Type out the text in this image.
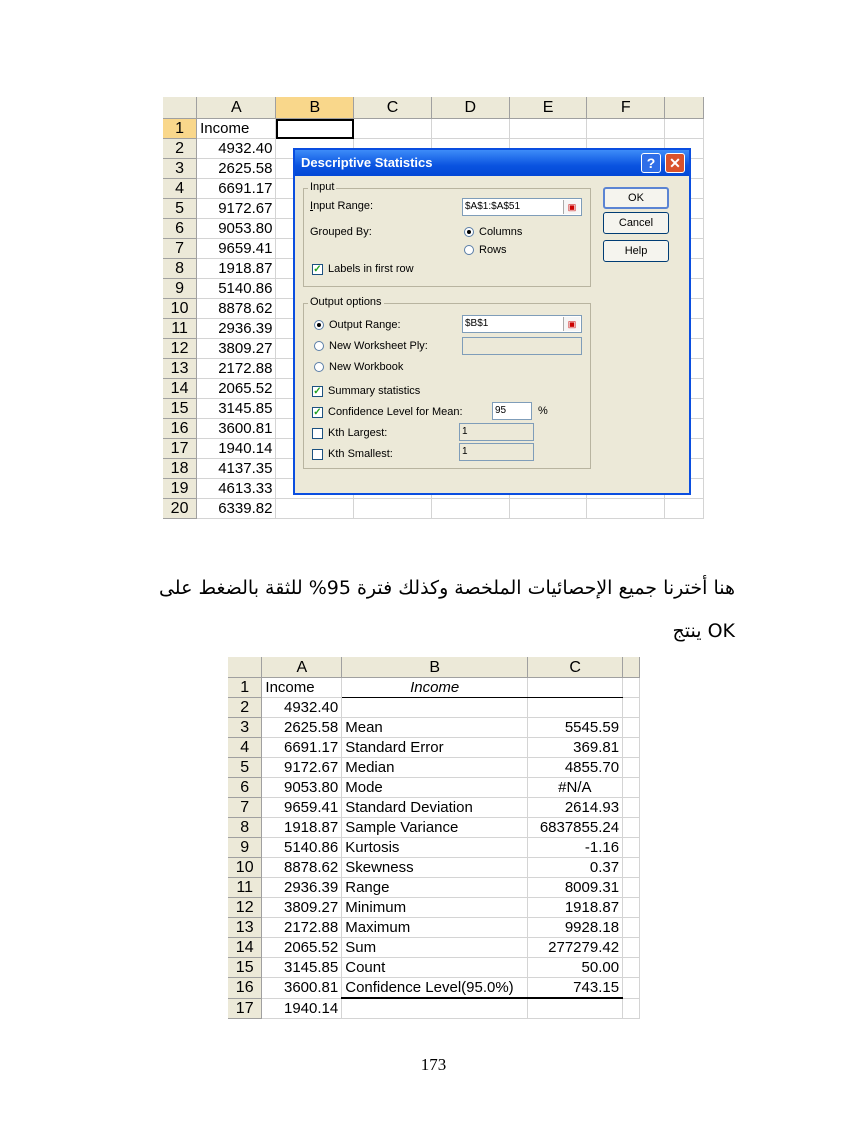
	A	B	C	D	E	F	
1	Income						
2	4932.40						
3	2625.58						
4	6691.17						
5	9172.67						
6	9053.80						
7	9659.41						
8	1918.87						
9	5140.86						
10	8878.62						
11	2936.39						
12	3809.27						
13	2172.88						
14	2065.52						
15	3145.85						
16	3600.81						
17	1940.14						
18	4137.35						
19	4613.33						
20	6339.82						
Descriptive Statistics	? ✕
Input
Input Range:	$A$1:$A$51	▣
Grouped By:	Columns
Rows
✓ Labels in first row
Output options
Output Range:	$B$1	▣
New Worksheet Ply:
New Workbook
✓ Summary statistics
✓ Confidence Level for Mean:	95	%
Kth Largest:	1
Kth Smallest:	1
OK
Cancel
Help
هنا أخترنا جميع الإحصائيات الملخصة وكذلك فترة 95% للثقة بالضغط على
OK ينتج
	A	B	C	
1	Income	Income		
2	4932.40			
3	2625.58	Mean	5545.59	
4	6691.17	Standard Error	369.81	
5	9172.67	Median	4855.70	
6	9053.80	Mode	#N/A	
7	9659.41	Standard Deviation	2614.93	
8	1918.87	Sample Variance	6837855.24	
9	5140.86	Kurtosis	-1.16	
10	8878.62	Skewness	0.37	
11	2936.39	Range	8009.31	
12	3809.27	Minimum	1918.87	
13	2172.88	Maximum	9928.18	
14	2065.52	Sum	277279.42	
15	3145.85	Count	50.00	
16	3600.81	Confidence Level(95.0%)	743.15	
17	1940.14			
173
